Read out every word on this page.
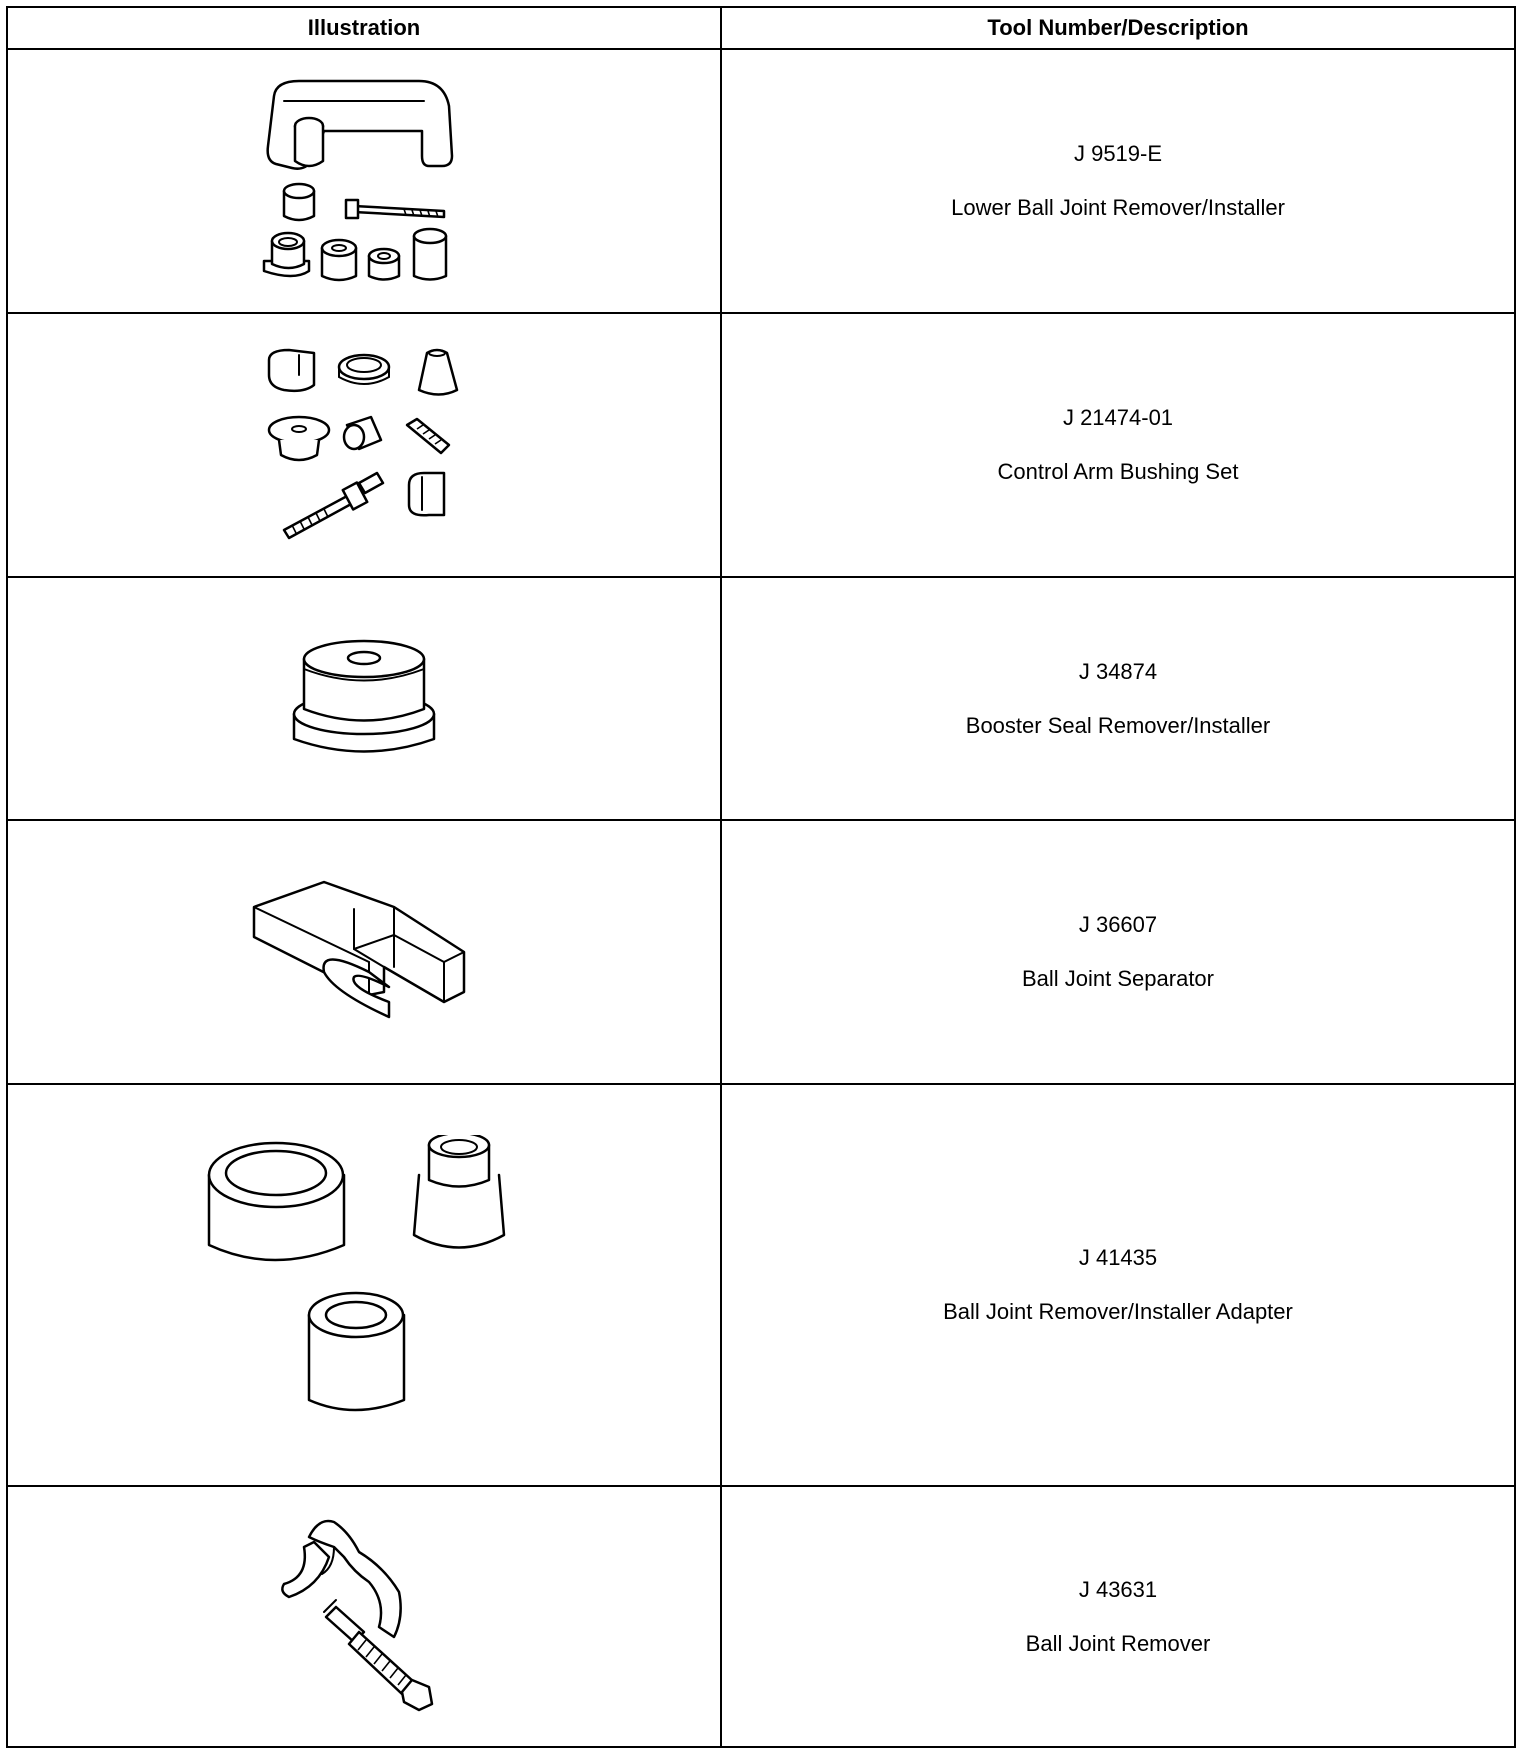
Illustration	Tool Number/Description

J 9519-E
Lower Ball Joint Remover/Installer

J 21474-01
Control Arm Bushing Set

J 34874
Booster Seal Remover/Installer

J 36607
Ball Joint Separator

J 41435
Ball Joint Remover/Installer Adapter

J 43631
Ball Joint Remover
